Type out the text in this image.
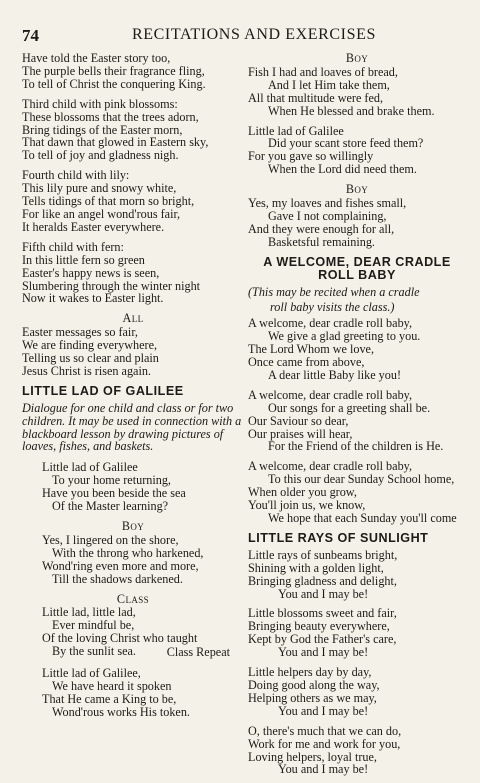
74	RECITATIONS AND EXERCISES
Have told the Easter story too,
The purple bells their fragrance fling,
To tell of Christ the conquering King.
Third child with pink blossoms:
These blossoms that the trees adorn,
Bring tidings of the Easter morn,
That dawn that glowed in Eastern sky,
To tell of joy and gladness nigh.
Fourth child with lily:
This lily pure and snowy white,
Tells tidings of that morn so bright,
For like an angel wond'rous fair,
It heralds Easter everywhere.
Fifth child with fern:
In this little fern so green
Easter's happy news is seen,
Slumbering through the winter night
Now it wakes to Easter light.
All
Easter messages so fair,
We are finding everywhere,
Telling us so clear and plain
Jesus Christ is risen again.
LITTLE LAD OF GALILEE
Dialogue for one child and class or for two children. It may be used in connection with a blackboard lesson by drawing pictures of loaves, fishes, and baskets.
Little lad of Galilee
To your home returning,
Have you been beside the sea
Of the Master learning?
Boy
Yes, I lingered on the shore,
With the throng who harkened,
Wond'ring even more and more,
Till the shadows darkened.
Class
Little lad, little lad,
Ever mindful be,
Of the loving Christ who taught
By the sunlit sea.	Class Repeat
Little lad of Galilee,
We have heard it spoken
That He came a King to be,
Wond'rous works His token.
Boy
Fish I had and loaves of bread,
And I let Him take them,
All that multitude were fed,
When He blessed and brake them.
Little lad of Galilee
Did your scant store feed them?
For you gave so willingly
When the Lord did need them.
Boy
Yes, my loaves and fishes small,
Gave I not complaining,
And they were enough for all,
Basketsful remaining.
A WELCOME, DEAR CRADLE
ROLL BABY
(This may be recited when a cradle
roll baby visits the class.)
A welcome, dear cradle roll baby,
We give a glad greeting to you.
The Lord Whom we love,
Once came from above,
A dear little Baby like you!
A welcome, dear cradle roll baby,
Our songs for a greeting shall be.
Our Saviour so dear,
Our praises will hear,
For the Friend of the children is He.
A welcome, dear cradle roll baby,
To this our dear Sunday School home,
When older you grow,
You'll join us, we know,
We hope that each Sunday you'll come
LITTLE RAYS OF SUNLIGHT
Little rays of sunbeams bright,
Shining with a golden light,
Bringing gladness and delight,
You and I may be!
Little blossoms sweet and fair,
Bringing beauty everywhere,
Kept by God the Father's care,
You and I may be!
Little helpers day by day,
Doing good along the way,
Helping others as we may,
You and I may be!
O, there's much that we can do,
Work for me and work for you,
Loving helpers, loyal true,
You and I may be!
